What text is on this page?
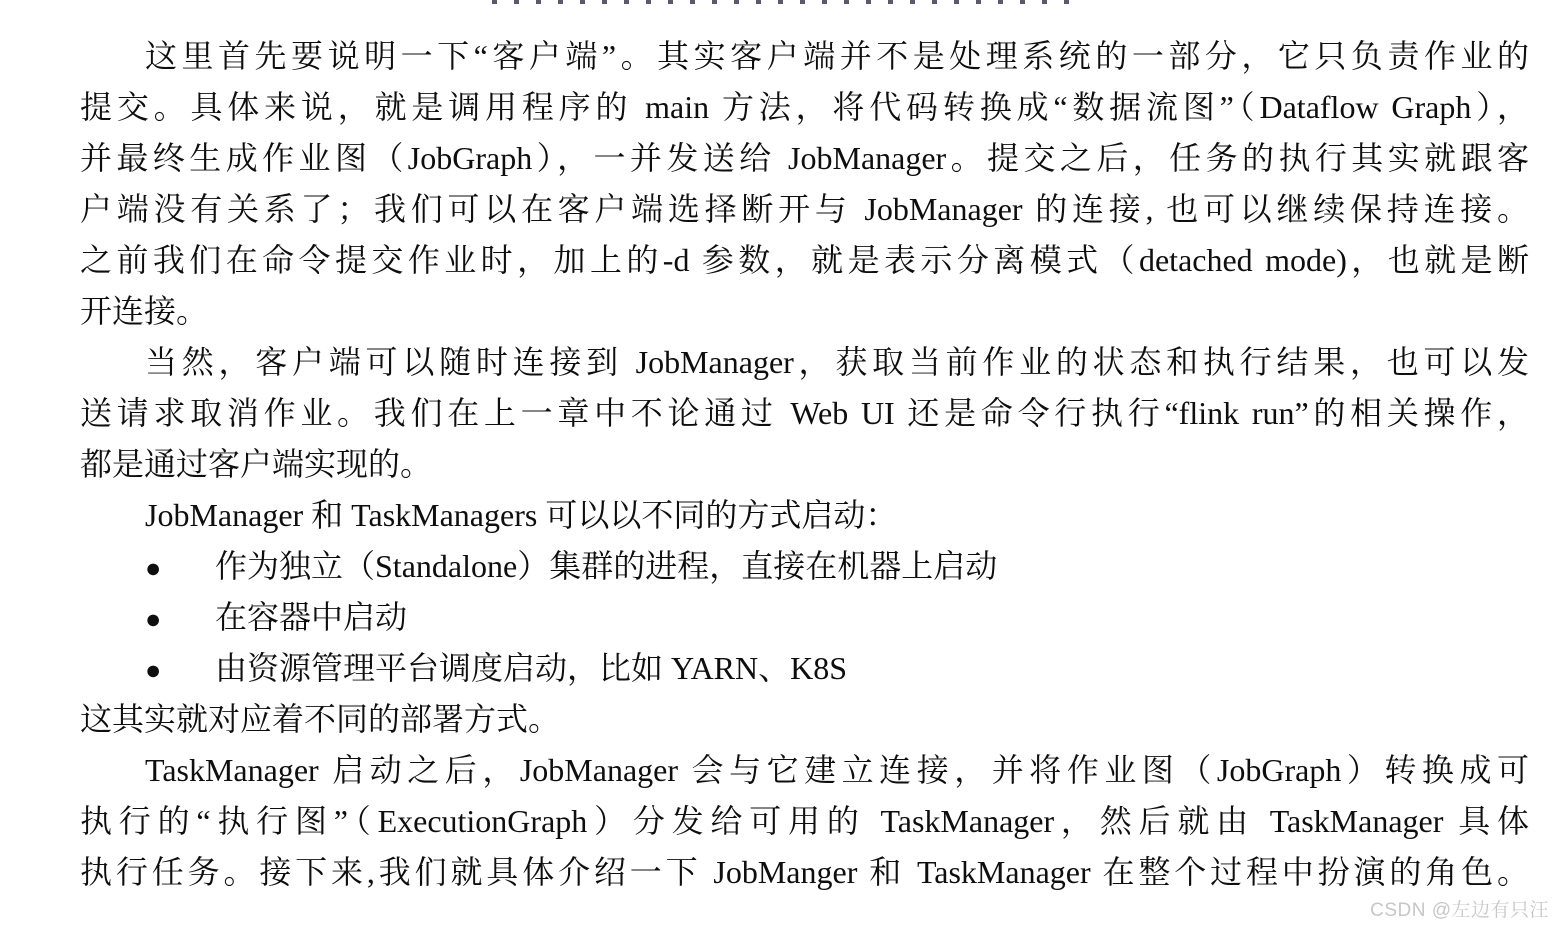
这里首先要说明一下“客户端”。其实客户端并不是处理系统的一部分，它只负责作业的
提交。具体来说，就是调用程序的 main 方法，将代码转换成“数据流图”（Dataflow Graph），
并最终生成作业图（JobGraph），一并发送给 JobManager。提交之后，任务的执行其实就跟客
户端没有关系了；我们可以在客户端选择断开与 JobManager 的连接, 也可以继续保持连接。
之前我们在命令提交作业时，加上的-d 参数，就是表示分离模式（detached mode)，也就是断
开连接。
当然，客户端可以随时连接到 JobManager，获取当前作业的状态和执行结果，也可以发
送请求取消作业。我们在上一章中不论通过 Web UI 还是命令行执行“flink run”的相关操作，
都是通过客户端实现的。
JobManager 和 TaskManagers 可以以不同的方式启动：
● 作为独立（Standalone）集群的进程，直接在机器上启动
● 在容器中启动
● 由资源管理平台调度启动，比如 YARN、K8S
这其实就对应着不同的部署方式。
TaskManager 启动之后，JobManager 会与它建立连接，并将作业图（JobGraph）转换成可
执行的“执行图”（ExecutionGraph）分发给可用的 TaskManager，然后就由 TaskManager 具体
执行任务。接下来,我们就具体介绍一下 JobManger 和 TaskManager 在整个过程中扮演的角色。
CSDN @左边有只汪
